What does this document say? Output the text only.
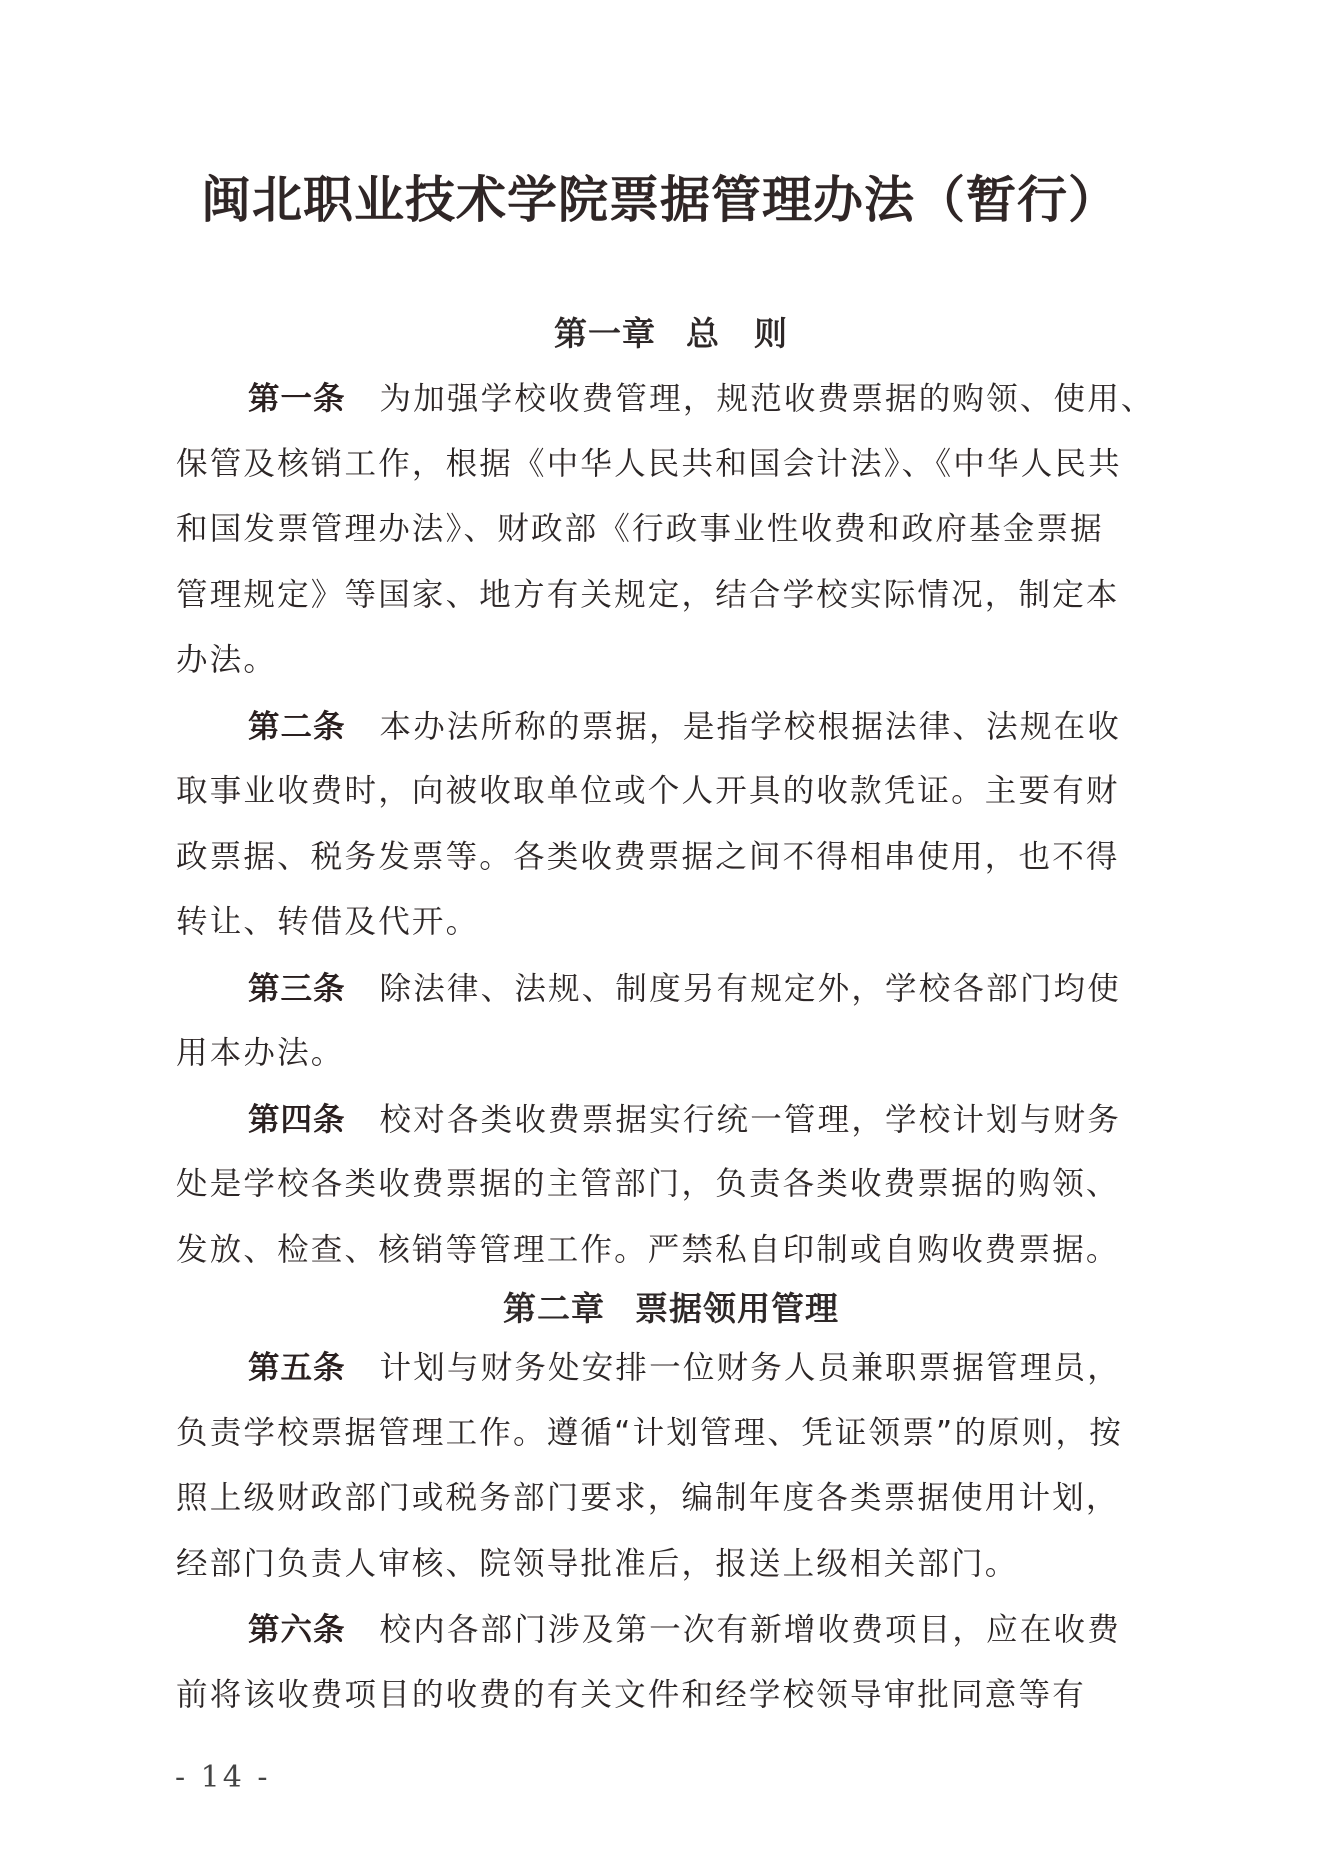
闽北职业技术学院票据管理办法（暂行）
第一章 总　则
第一条 为加强学校收费管理，规范收费票据的购领、使用、
保管及核销工作，根据《中华人民共和国会计法》、《中华人民共
和国发票管理办法》、财政部《行政事业性收费和政府基金票据
管理规定》等国家、地方有关规定，结合学校实际情况，制定本
办法。
第二条 本办法所称的票据，是指学校根据法律、法规在收
取事业收费时，向被收取单位或个人开具的收款凭证。主要有财
政票据、税务发票等。各类收费票据之间不得相串使用，也不得
转让、转借及代开。
第三条 除法律、法规、制度另有规定外，学校各部门均使
用本办法。
第四条 校对各类收费票据实行统一管理，学校计划与财务
处是学校各类收费票据的主管部门，负责各类收费票据的购领、
发放、检查、核销等管理工作。严禁私自印制或自购收费票据。
第二章 票据领用管理
第五条 计划与财务处安排一位财务人员兼职票据管理员，
负责学校票据管理工作。遵循“计划管理、凭证领票”的原则，按
照上级财政部门或税务部门要求，编制年度各类票据使用计划，
经部门负责人审核、院领导批准后，报送上级相关部门。
第六条 校内各部门涉及第一次有新增收费项目，应在收费
前将该收费项目的收费的有关文件和经学校领导审批同意等有
- 14 -
